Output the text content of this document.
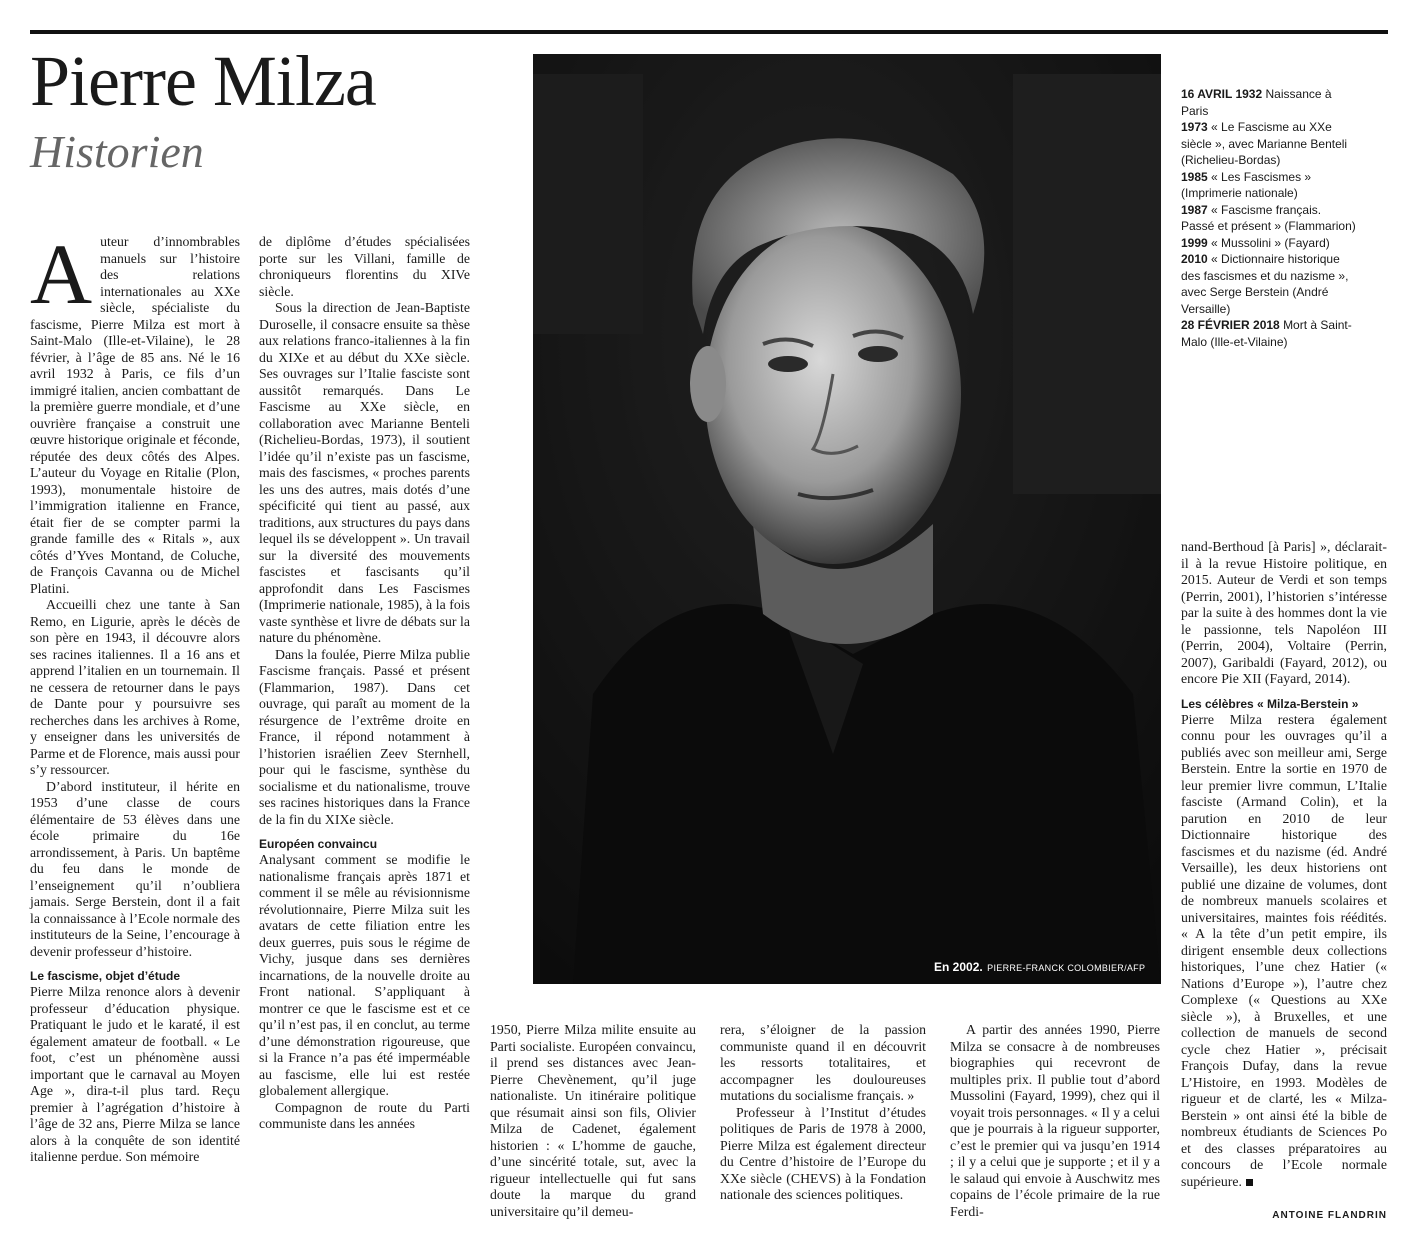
Pierre Milza
Historien

Auteur d’innombrables manuels sur l’histoire des relations internationales au XXe siècle, spécialiste du fascisme, Pierre Milza est mort à Saint-Malo (Ille-et-Vilaine), le 28 février, à l’âge de 85 ans. Né le 16 avril 1932 à Paris, ce fils d’un immigré italien, ancien combattant de la première guerre mondiale, et d’une ouvrière française a construit une œuvre historique originale et féconde, réputée des deux côtés des Alpes. L’auteur du Voyage en Ritalie (Plon, 1993), monumentale histoire de l’immigration italienne en France, était fier de se compter parmi la grande famille des « Ritals », aux côtés d’Yves Montand, de Coluche, de François Cavanna ou de Michel Platini.

Accueilli chez une tante à San Remo, en Ligurie, après le décès de son père en 1943, il découvre alors ses racines italiennes. Il a 16 ans et apprend l’italien en un tournemain. Il ne cessera de retourner dans le pays de Dante pour y poursuivre ses recherches dans les archives à Rome, y enseigner dans les universités de Parme et de Florence, mais aussi pour s’y ressourcer.

D’abord instituteur, il hérite en 1953 d’une classe de cours élémentaire de 53 élèves dans une école primaire du 16e arrondissement, à Paris. Un baptême du feu dans le monde de l’enseignement qu’il n’oubliera jamais. Serge Berstein, dont il a fait la connaissance à l’Ecole normale des instituteurs de la Seine, l’encourage à devenir professeur d’histoire.

Le fascisme, objet d’étude

Pierre Milza renonce alors à devenir professeur d’éducation physique. Pratiquant le judo et le karaté, il est également amateur de football. « Le foot, c’est un phénomène aussi important que le carnaval au Moyen Age », dira-t-il plus tard. Reçu premier à l’agrégation d’histoire à l’âge de 32 ans, Pierre Milza se lance alors à la conquête de son identité italienne perdue. Son mémoire

de diplôme d’études spécialisées porte sur les Villani, famille de chroniqueurs florentins du XIVe siècle.

Sous la direction de Jean-Baptiste Duroselle, il consacre ensuite sa thèse aux relations franco-italiennes à la fin du XIXe et au début du XXe siècle. Ses ouvrages sur l’Italie fasciste sont aussitôt remarqués. Dans Le Fascisme au XXe siècle, en collaboration avec Marianne Benteli (Richelieu-Bordas, 1973), il soutient l’idée qu’il n’existe pas un fascisme, mais des fascismes, « proches parents les uns des autres, mais dotés d’une spécificité qui tient au passé, aux traditions, aux structures du pays dans lequel ils se développent ». Un travail sur la diversité des mouvements fascistes et fascisants qu’il approfondit dans Les Fascismes (Imprimerie nationale, 1985), à la fois vaste synthèse et livre de débats sur la nature du phénomène.

Dans la foulée, Pierre Milza publie Fascisme français. Passé et présent (Flammarion, 1987). Dans cet ouvrage, qui paraît au moment de la résurgence de l’extrême droite en France, il répond notamment à l’historien israélien Zeev Sternhell, pour qui le fascisme, synthèse du socialisme et du nationalisme, trouve ses racines historiques dans la France de la fin du XIXe siècle.

Européen convaincu

Analysant comment se modifie le nationalisme français après 1871 et comment il se mêle au révisionnisme révolutionnaire, Pierre Milza suit les avatars de cette filiation entre les deux guerres, puis sous le régime de Vichy, jusque dans ses dernières incarnations, de la nouvelle droite au Front national. S’appliquant à montrer ce que le fascisme est et ce qu’il n’est pas, il en conclut, au terme d’une démonstration rigoureuse, que si la France n’a pas été imperméable au fascisme, elle lui est restée globalement allergique.

Compagnon de route du Parti communiste dans les années

En 2002. PIERRE-FRANCK COLOMBIER/AFP

16 AVRIL 1932 Naissance à Paris

1973 « Le Fascisme au XXe siècle », avec Marianne Benteli (Richelieu-Bordas)

1985 « Les Fascismes » (Imprimerie nationale)

1987 « Fascisme français. Passé et présent » (Flammarion)

1999 « Mussolini » (Fayard)

2010 « Dictionnaire historique des fascismes et du nazisme », avec Serge Berstein (André Versaille)

28 FÉVRIER 2018 Mort à Saint-Malo (Ille-et-Vilaine)

1950, Pierre Milza milite ensuite au Parti socialiste. Européen convaincu, il prend ses distances avec Jean-Pierre Chevènement, qu’il juge nationaliste. Un itinéraire politique que résumait ainsi son fils, Olivier Milza de Cadenet, également historien : « L’homme de gauche, d’une sincérité totale, sut, avec la rigueur intellectuelle qui fut sans doute la marque du grand universitaire qu’il demeu-

rera, s’éloigner de la passion communiste quand il en découvrit les ressorts totalitaires, et accompagner les douloureuses mutations du socialisme français. »

Professeur à l’Institut d’études politiques de Paris de 1978 à 2000, Pierre Milza est également directeur du Centre d’histoire de l’Europe du XXe siècle (CHEVS) à la Fondation nationale des sciences politiques.

A partir des années 1990, Pierre Milza se consacre à de nombreuses biographies qui recevront de multiples prix. Il publie tout d’abord Mussolini (Fayard, 1999), chez qui il voyait trois personnages. « Il y a celui que je pourrais à la rigueur supporter, c’est le premier qui va jusqu’en 1914 ; il y a celui que je supporte ; et il y a le salaud qui envoie à Auschwitz mes copains de l’école primaire de la rue Ferdi-

nand-Berthoud [à Paris] », déclarait-il à la revue Histoire politique, en 2015. Auteur de Verdi et son temps (Perrin, 2001), l’historien s’intéresse par la suite à des hommes dont la vie le passionne, tels Napoléon III (Perrin, 2004), Voltaire (Perrin, 2007), Garibaldi (Fayard, 2012), ou encore Pie XII (Fayard, 2014).

Les célèbres « Milza-Berstein »

Pierre Milza restera également connu pour les ouvrages qu’il a publiés avec son meilleur ami, Serge Berstein. Entre la sortie en 1970 de leur premier livre commun, L’Italie fasciste (Armand Colin), et la parution en 2010 de leur Dictionnaire historique des fascismes et du nazisme (éd. André Versaille), les deux historiens ont publié une dizaine de volumes, dont de nombreux manuels scolaires et universitaires, maintes fois réédités. « A la tête d’un petit empire, ils dirigent ensemble deux collections historiques, l’une chez Hatier (« Nations d’Europe »), l’autre chez Complexe (« Questions au XXe siècle »), à Bruxelles, et une collection de manuels de second cycle chez Hatier », précisait François Dufay, dans la revue L’Histoire, en 1993. Modèles de rigueur et de clarté, les « Milza-Berstein » ont ainsi été la bible de nombreux étudiants de Sciences Po et des classes préparatoires au concours de l’Ecole normale supérieure.

ANTOINE FLANDRIN
